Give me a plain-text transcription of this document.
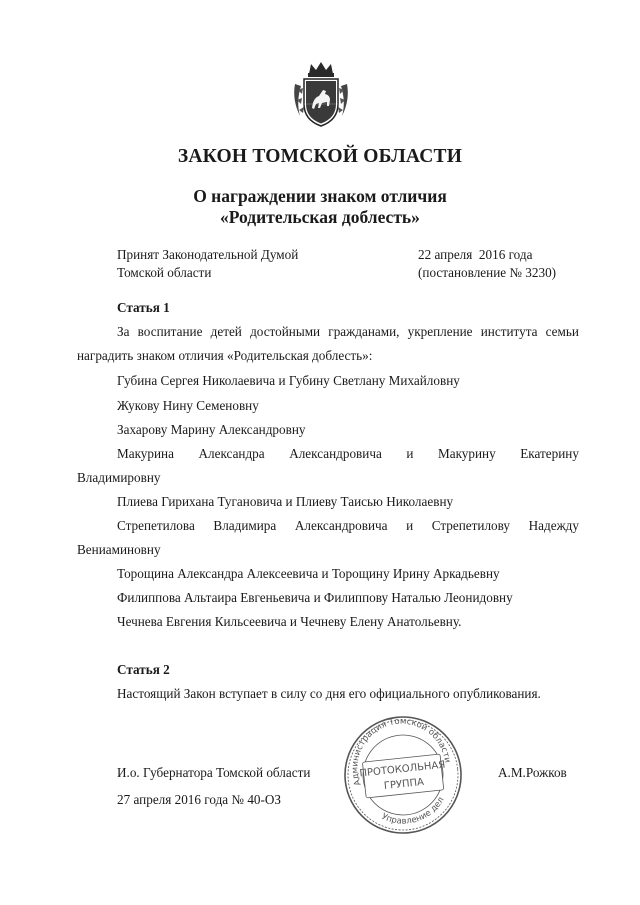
ЗАКОН ТОМСКОЙ ОБЛАСТИ
О награждении знаком отличия
«Родительская доблесть»
Принят Законодательной Думой
Томской области
22 апреля  2016 года
(постановление № 3230)
Статья 1
За воспитание детей достойными гражданами, укрепление института семьи
наградить знаком отличия «Родительская доблесть»:
Губина Сергея Николаевича и Губину Светлану Михайловну
Жукову Нину Семеновну
Захарову Марину Александровну
Макурина Александра Александровича и Макурину Екатерину
Владимировну
Плиева Гирихана Тугановича и Плиеву Таисью Николаевну
Стрепетилова Владимира Александровича и Стрепетилову Надежду
Вениаминовну
Торощина Александра Алексеевича и Торощину Ирину Аркадьевну
Филиппова Альтаира Евгеньевича и Филиппову Наталью Леонидовну
Чечнева Евгения Кильсеевича и Чечневу Елену Анатольевну.
Статья 2
Настоящий Закон вступает в силу со дня его официального опубликования.
И.о. Губернатора Томской области	А.М.Рожков
27 апреля 2016 года № 40-ОЗ
Администрация Томской области
Управление делами
ПРОТОКОЛЬНАЯ
ГРУППА
